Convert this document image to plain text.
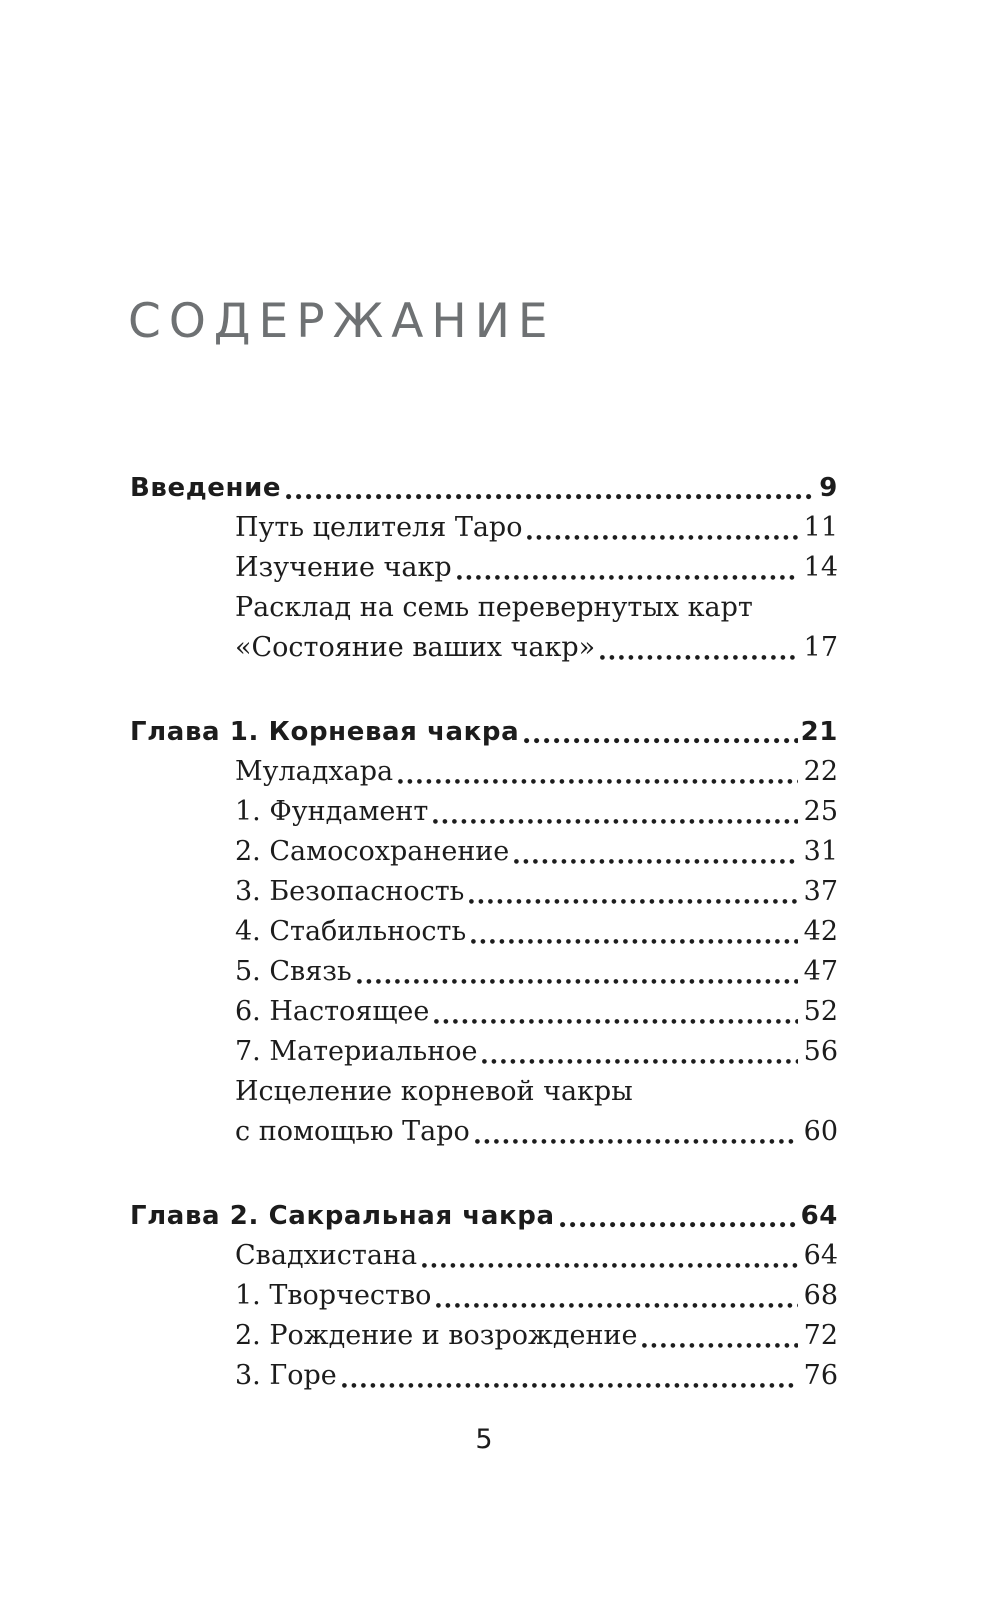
СОДЕРЖАНИЕ
Введение	9
Путь целителя Таро	11
Изучение чакр	14
Расклад на семь перевернутых карт
«Состояние ваших чакр»	17
Глава 1. Корневая чакра	21
Муладхара	22
1. Фундамент	25
2. Самосохранение	31
3. Безопасность	37
4. Стабильность	42
5. Связь	47
6. Настоящее	52
7. Материальное	56
Исцеление корневой чакры
с помощью Таро	60
Глава 2. Сакральная чакра	64
Свадхистана	64
1. Творчество	68
2. Рождение и возрождение	72
3. Горе	76
5
